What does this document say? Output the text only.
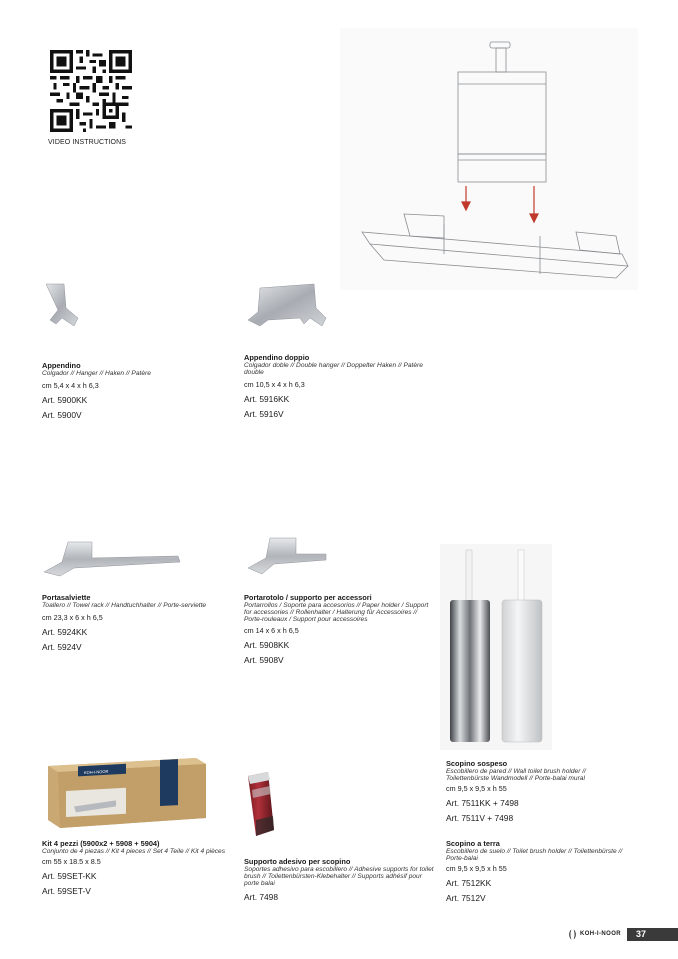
VIDEO INSTRUCTIONS
Appendino
Colgador // Hanger // Haken // Patère
cm 5,4 x 4 x h 6,3
Art. 5900KK
Art. 5900V
Appendino doppio
Colgador doble // Double hanger // Doppelter Haken // Patère double
cm 10,5 x 4 x h 6,3
Art. 5916KK
Art. 5916V
Portasalviette
Toallero // Towel rack // Handtuchhalter // Porte-serviette
cm 23,3 x 6 x h 6,5
Art. 5924KK
Art. 5924V
Portarotolo / supporto per accessori
Portarrollos / Soporte para accesorios // Paper holder / Support for accessories // Rollenhalter / Halterung für Accessoires // Porte-rouleaux / Support pour accessoires
cm 14 x 6 x h 6,5
Art. 5908KK
Art. 5908V
Scopino sospeso
Escobillero de pared // Wall toilet brush holder // Toilettenbürste Wandmodell // Porte-balai mural
cm 9,5 x 9,5 x h 55
Art. 7511KK + 7498
Art. 7511V + 7498
KOH-I-NOOR
Kit 4 pezzi (5900x2 + 5908 + 5904)
Conjunto de 4 piezas // Kit 4 pieces // Set 4 Teile // Kit 4 pièces
cm 55 x 18.5 x 8.5
Art. 59SET-KK
Art. 59SET-V
Supporto adesivo per scopino
Soportes adhesivo para escobillero // Adhesive supports for toilet brush // Toilettenbürsten-Klebehalter // Supports adhésif pour porte balai
Art. 7498
Scopino a terra
Escobillero de suelo // Toilet brush holder // Toilettenbürste // Porte-balai
cm 9,5 x 9,5 x h 55
Art. 7512KK
Art. 7512V
KOH-I-NOOR 37
